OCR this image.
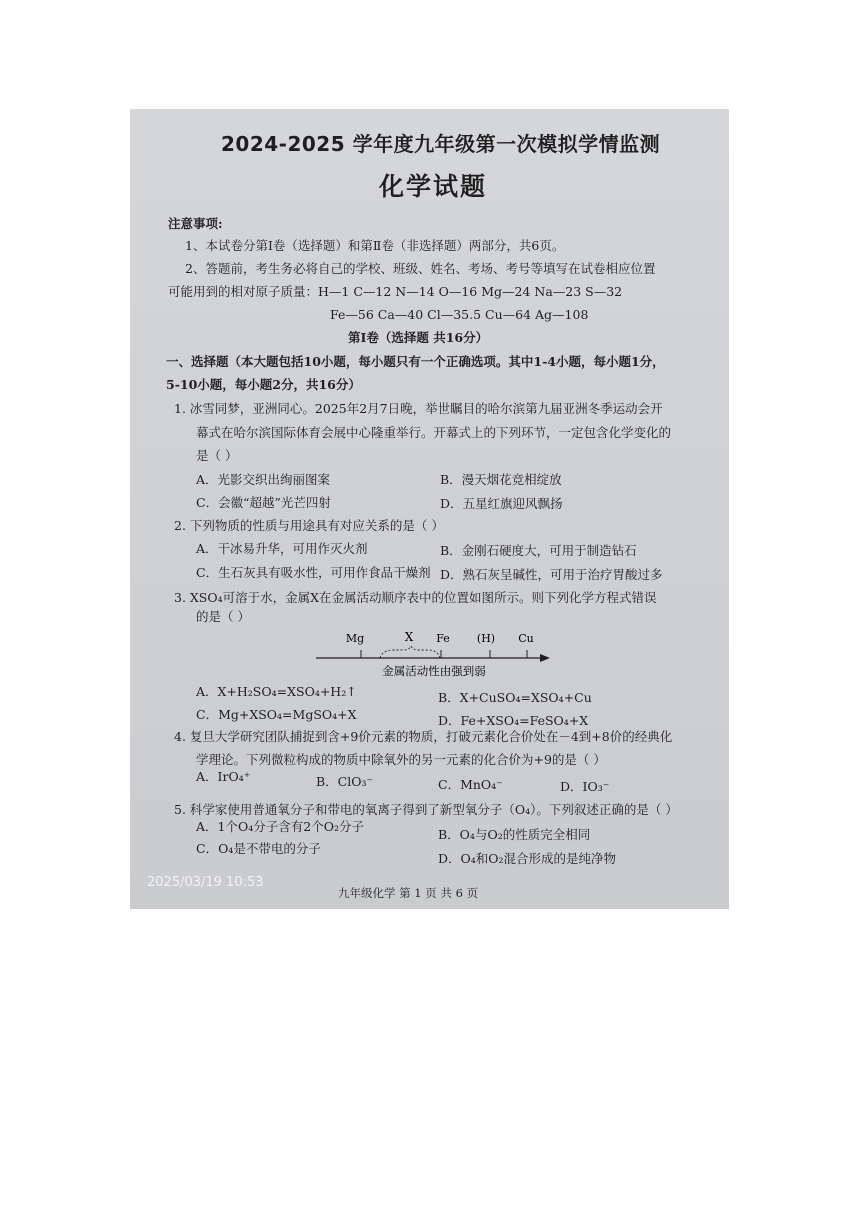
2024-2025 学年度九年级第一次模拟学情监测
化学试题
注意事项:
1、本试卷分第Ⅰ卷（选择题）和第Ⅱ卷（非选择题）两部分，共6页。
2、答题前，考生务必将自己的学校、班级、姓名、考场、考号等填写在试卷相应位置
可能用到的相对原子质量：H—1 C—12 N—14 O—16 Mg—24 Na—23 S—32
Fe—56 Ca—40 Cl—35.5 Cu—64 Ag—108
第Ⅰ卷（选择题 共16分）
一、选择题（本大题包括10小题，每小题只有一个正确选项。其中1-4小题，每小题1分，
5-10小题，每小题2分，共16分）
1. 冰雪同梦，亚洲同心。2025年2月7日晚，举世瞩目的哈尔滨第九届亚洲冬季运动会开
幕式在哈尔滨国际体育会展中心隆重举行。开幕式上的下列环节，一定包含化学变化的
是（ ）
A．光影交织出绚丽图案	B．漫天烟花竞相绽放
C．会徽“超越”光芒四射	D．五星红旗迎风飘扬
2. 下列物质的性质与用途具有对应关系的是（ ）
A．干冰易升华，可用作灭火剂	B．金刚石硬度大，可用于制造钻石
C．生石灰具有吸水性，可用作食品干燥剂 D．熟石灰呈碱性，可用于治疗胃酸过多
3. XSO₄可溶于水，金属X在金属活动顺序表中的位置如图所示。则下列化学方程式错误
的是（ ）
Mg	X Fe (H) Cu
金属活动性由强到弱
A．X+H₂SO₄=XSO₄+H₂↑	B．X+CuSO₄=XSO₄+Cu
C．Mg+XSO₄=MgSO₄+X	D．Fe+XSO₄=FeSO₄+X
4. 复旦大学研究团队捕捉到含+9价元素的物质，打破元素化合价处在－4到+8价的经典化
学理论。下列微粒构成的物质中除氧外的另一元素的化合价为+9的是（ ）
A．IrO₄⁺	B．ClO₃⁻	C．MnO₄⁻	D．IO₃⁻
5. 科学家使用普通氧分子和带电的氧离子得到了新型氧分子（O₄）。下列叙述正确的是（ ）
A．1个O₄分子含有2个O₂分子
B．O₄与O₂的性质完全相同
C．O₄是不带电的分子
D．O₄和O₂混合形成的是纯净物
2025/03/19 10:53
九年级化学 第 1 页 共 6 页
